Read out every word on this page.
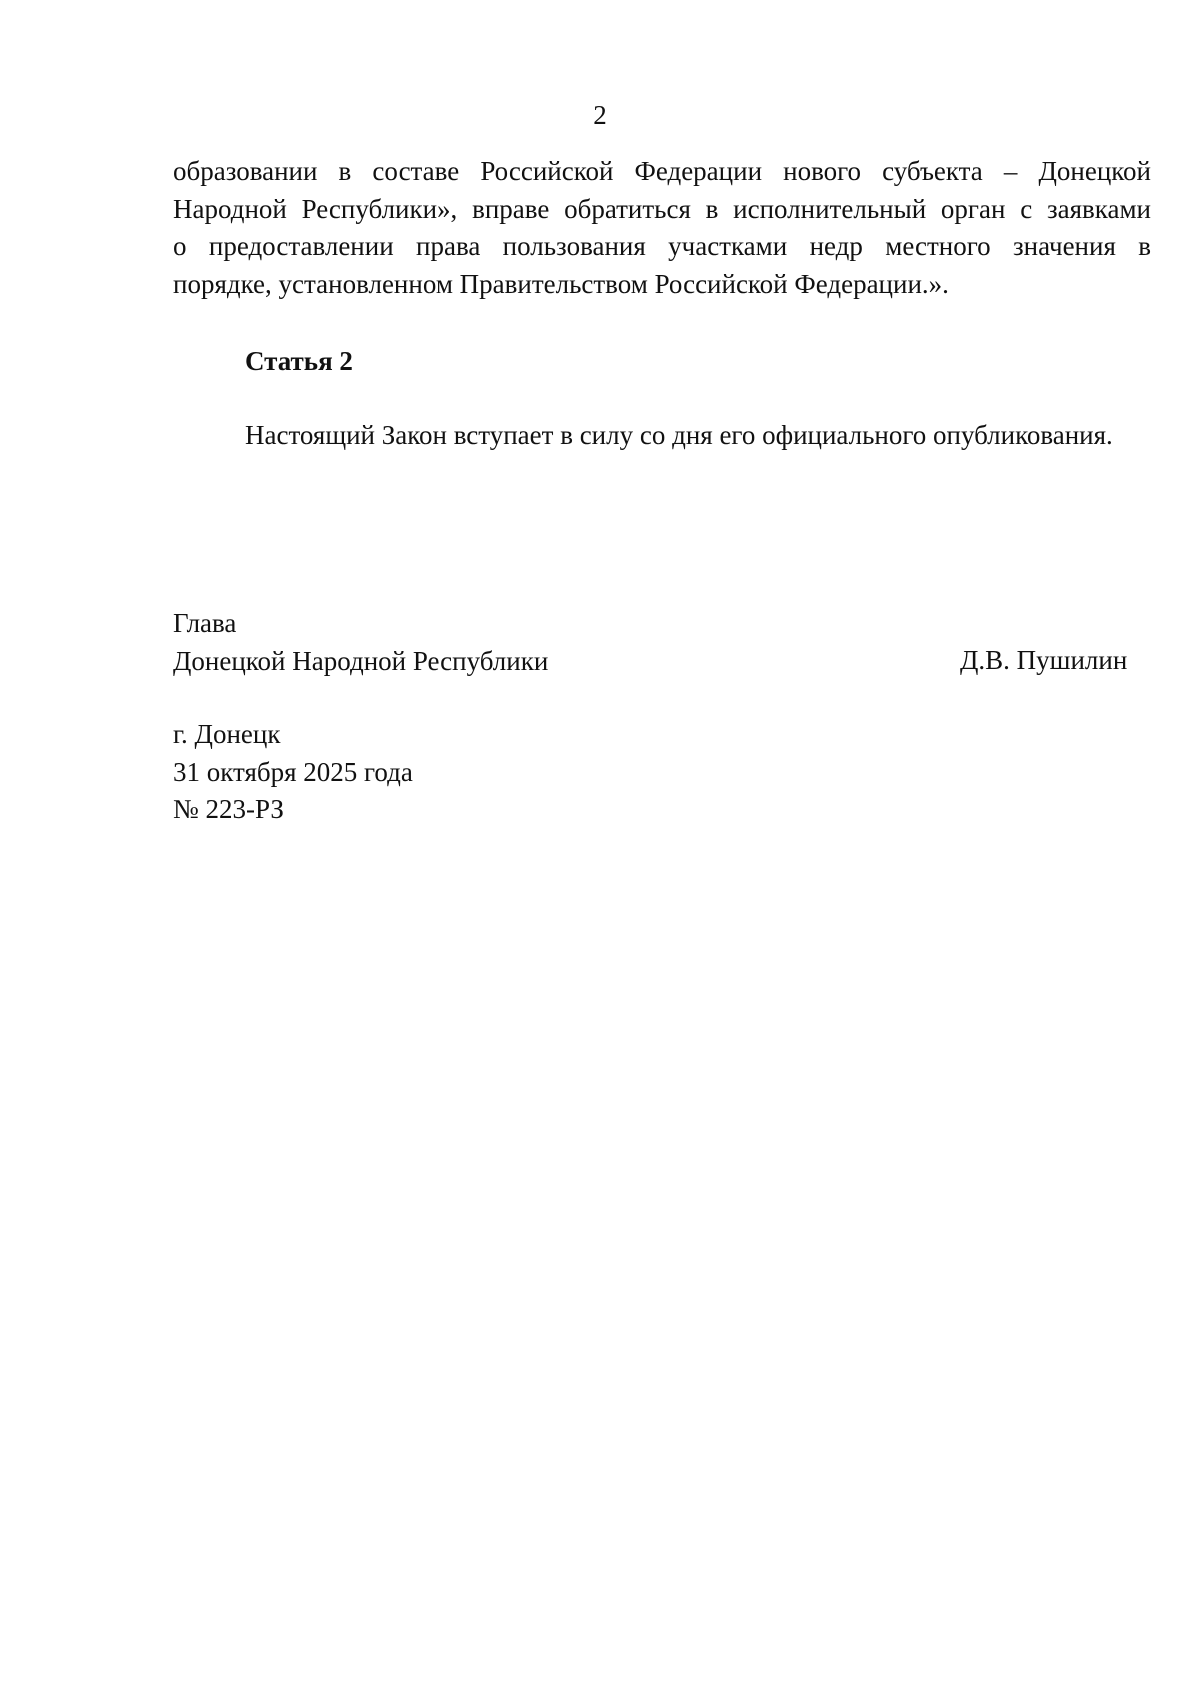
2
образовании в составе Российской Федерации нового субъекта – Донецкой
Народной Республики», вправе обратиться в исполнительный орган с заявками
о предоставлении права пользования участками недр местного значения в
порядке, установленном Правительством Российской Федерации.».
Статья 2
Настоящий Закон вступает в силу со дня его официального опубликования.
Глава
Донецкой Народной Республики	Д.В. Пушилин
г. Донецк
31 октября 2025 года
№ 223-РЗ
